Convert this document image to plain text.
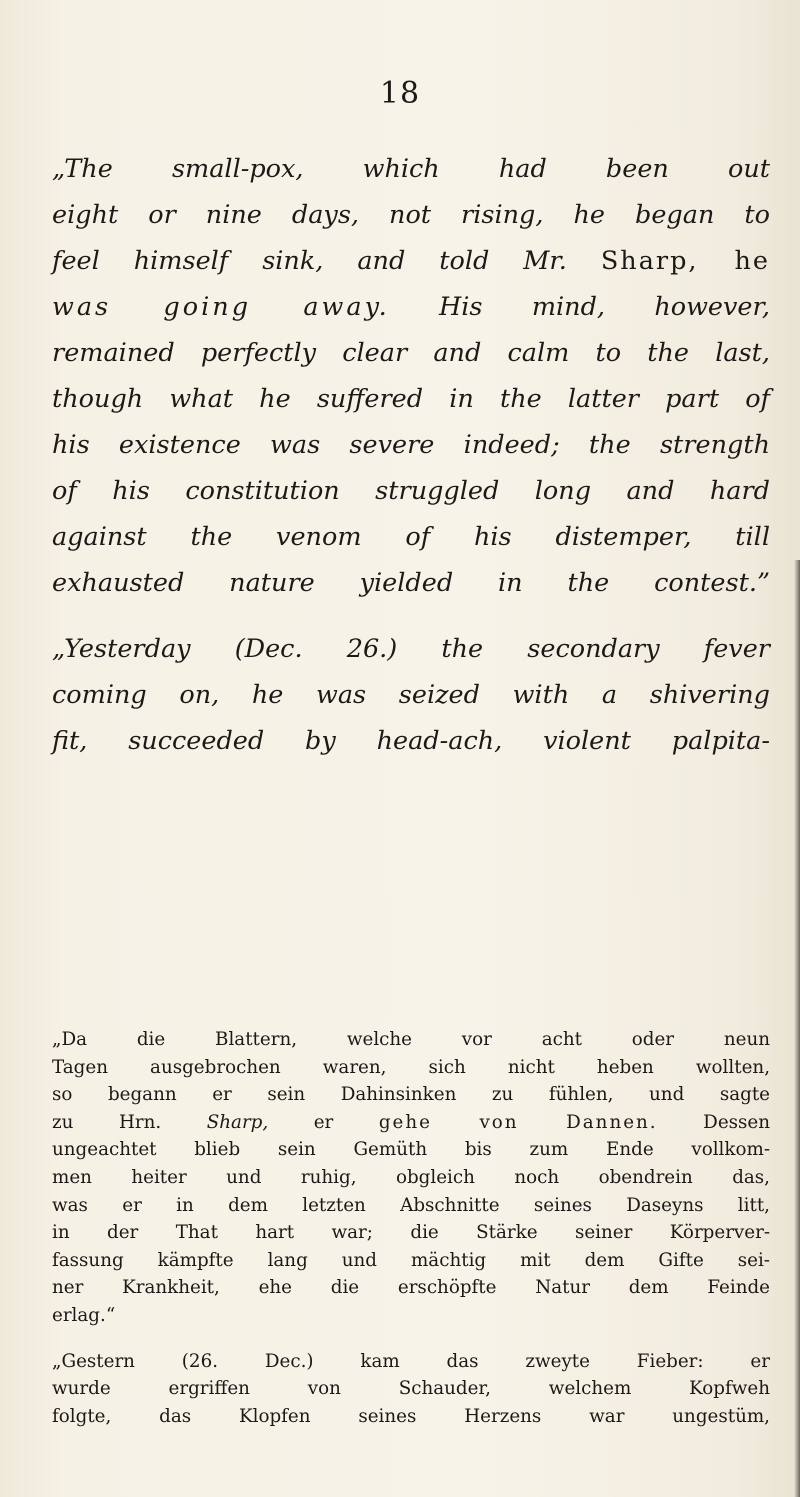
18
„The small-pox, which had been out
eight or nine days, not rising, he began to
feel himself sink, and told Mr. Sharp, he
was going away. His mind, however,
remained perfectly clear and calm to the last,
though what he suffered in the latter part of
his existence was severe indeed; the strength
of his constitution struggled long and hard
against the venom of his distemper, till
exhausted nature yielded in the contest.”
„Yesterday (Dec. 26.) the secondary fever
coming on, he was seized with a shivering
fit, succeeded by head-ach, violent palpita-
„Da die Blattern, welche vor acht oder neun
Tagen ausgebrochen waren, sich nicht heben wollten,
so begann er sein Dahinsinken zu fühlen, und sagte
zu Hrn. Sharp, er gehe von Dannen. Dessen
ungeachtet blieb sein Gemüth bis zum Ende vollkom-
men heiter und ruhig, obgleich noch obendrein das,
was er in dem letzten Abschnitte seines Daseyns litt,
in der That hart war; die Stärke seiner Körperver-
fassung kämpfte lang und mächtig mit dem Gifte sei-
ner Krankheit, ehe die erschöpfte Natur dem Feinde
erlag.“
„Gestern (26. Dec.) kam das zweyte Fieber: er
wurde ergriffen von Schauder, welchem Kopfweh
folgte, das Klopfen seines Herzens war ungestüm,
